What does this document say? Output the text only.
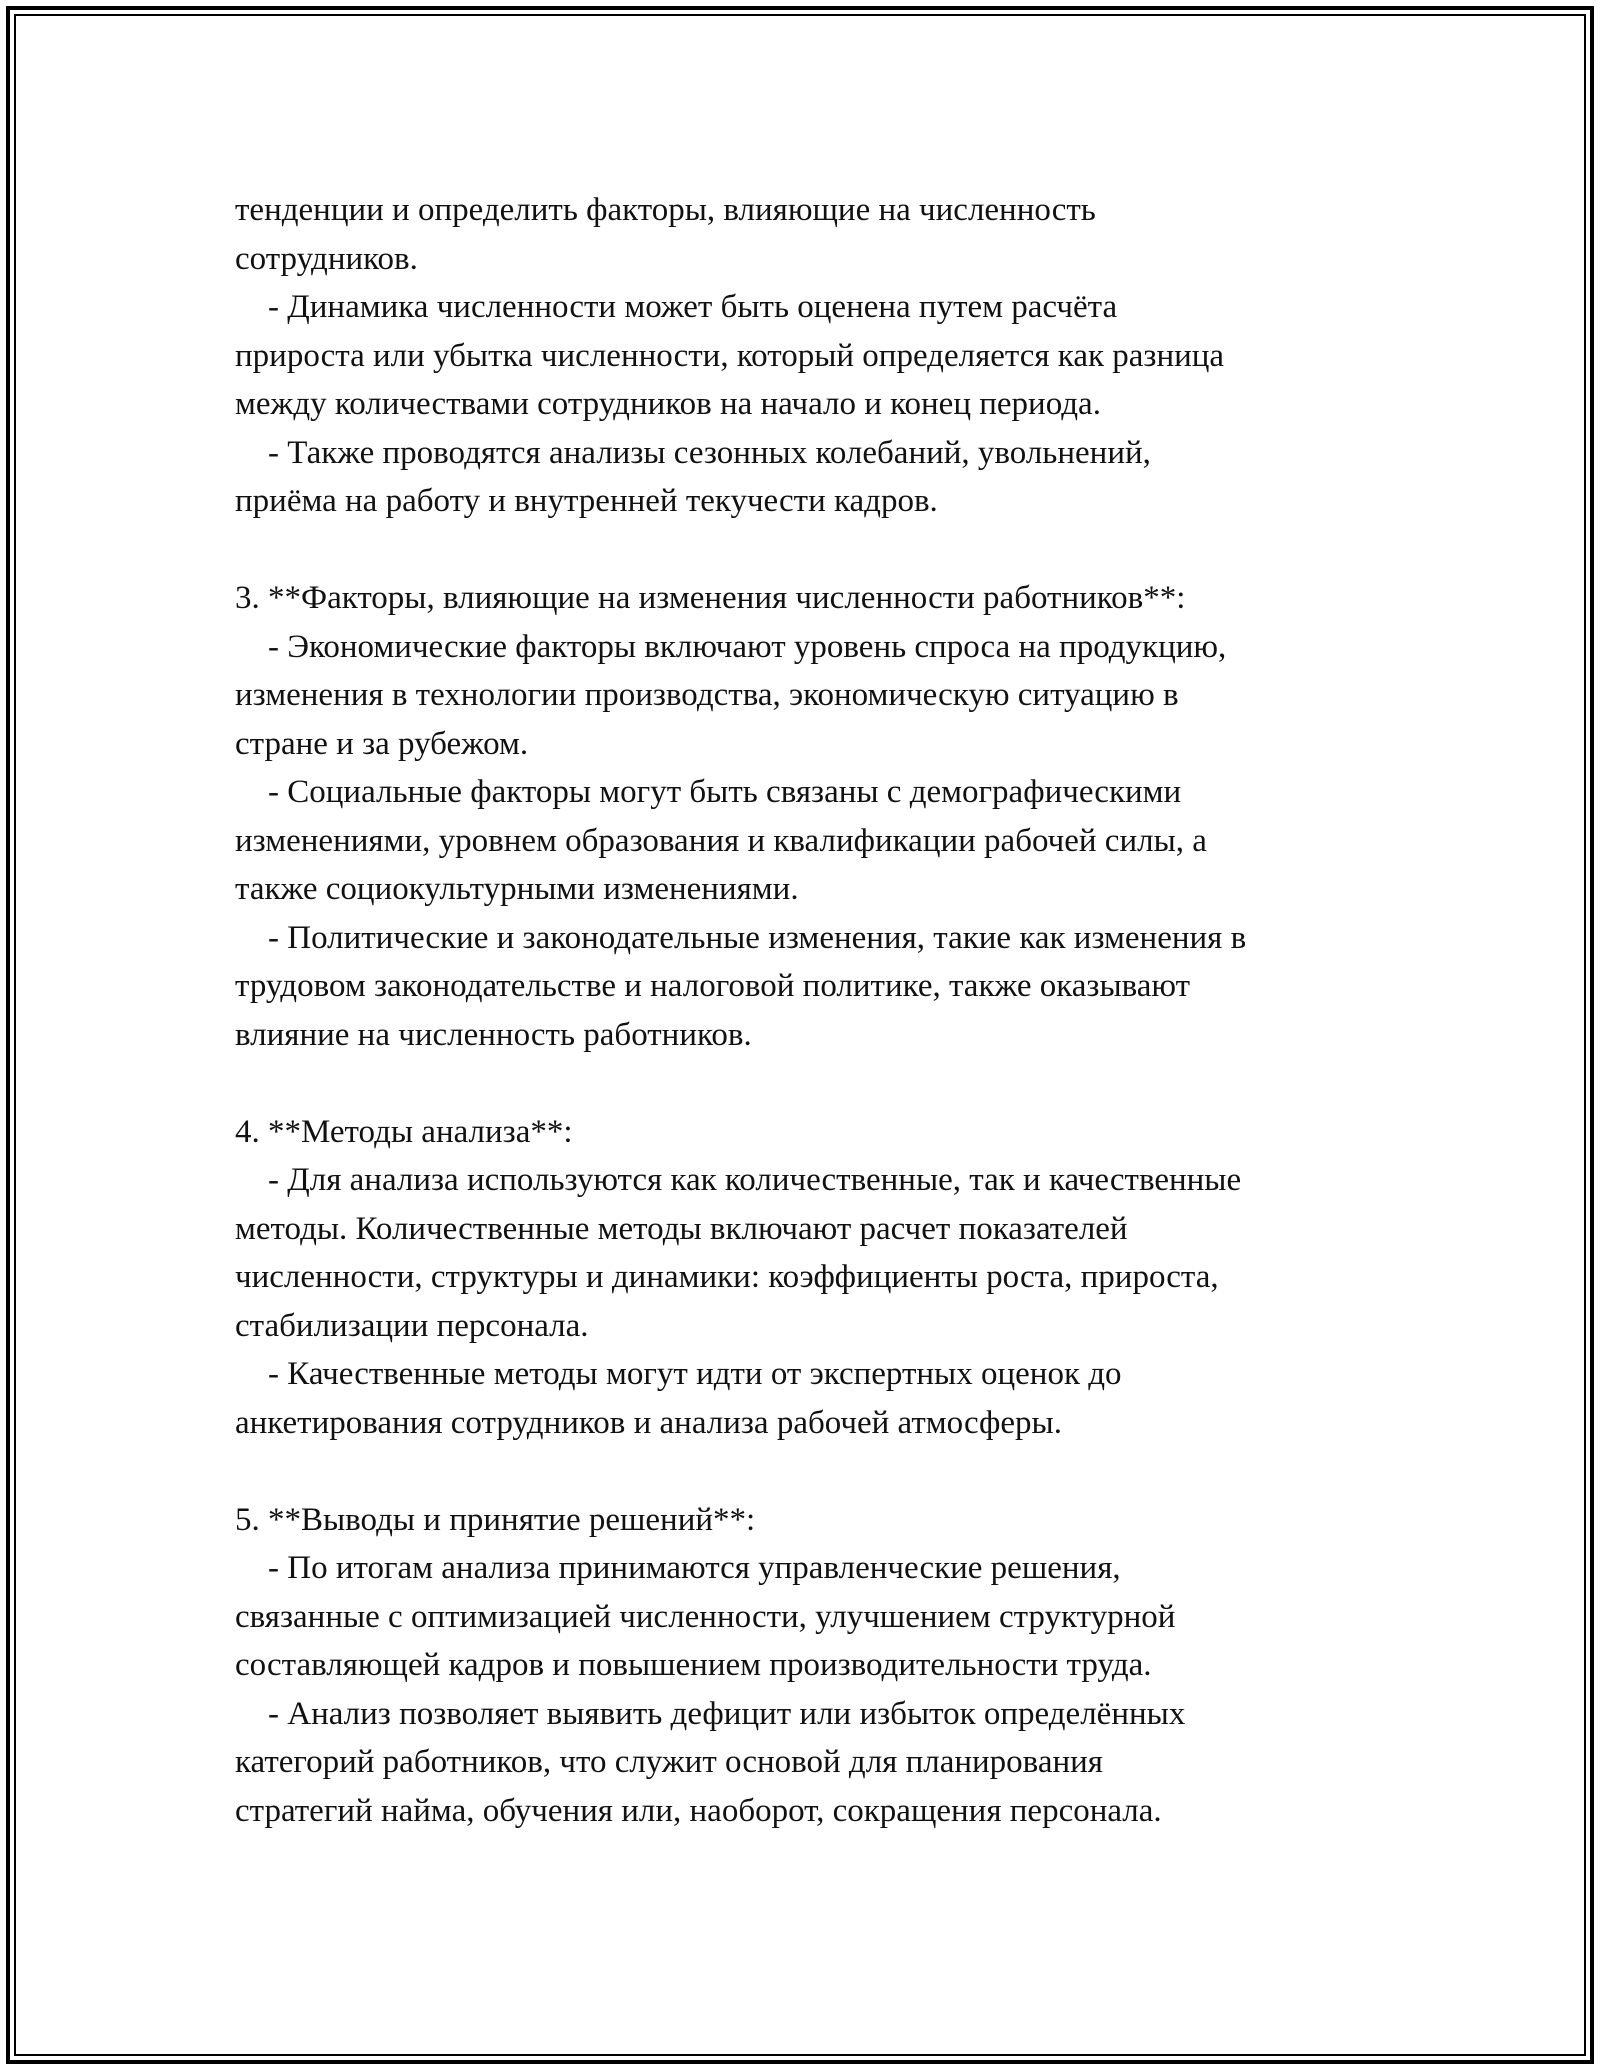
тенденции и определить факторы, влияющие на численность
сотрудников.
- Динамика численности может быть оценена путем расчёта
прироста или убытка численности, который определяется как разница
между количествами сотрудников на начало и конец периода.
- Также проводятся анализы сезонных колебаний, увольнений,
приёма на работу и внутренней текучести кадров.
3. **Факторы, влияющие на изменения численности работников**:
- Экономические факторы включают уровень спроса на продукцию,
изменения в технологии производства, экономическую ситуацию в
стране и за рубежом.
- Социальные факторы могут быть связаны с демографическими
изменениями, уровнем образования и квалификации рабочей силы, а
также социокультурными изменениями.
- Политические и законодательные изменения, такие как изменения в
трудовом законодательстве и налоговой политике, также оказывают
влияние на численность работников.
4. **Методы анализа**:
- Для анализа используются как количественные, так и качественные
методы. Количественные методы включают расчет показателей
численности, структуры и динамики: коэффициенты роста, прироста,
стабилизации персонала.
- Качественные методы могут идти от экспертных оценок до
анкетирования сотрудников и анализа рабочей атмосферы.
5. **Выводы и принятие решений**:
- По итогам анализа принимаются управленческие решения,
связанные с оптимизацией численности, улучшением структурной
составляющей кадров и повышением производительности труда.
- Анализ позволяет выявить дефицит или избыток определённых
категорий работников, что служит основой для планирования
стратегий найма, обучения или, наоборот, сокращения персонала.
